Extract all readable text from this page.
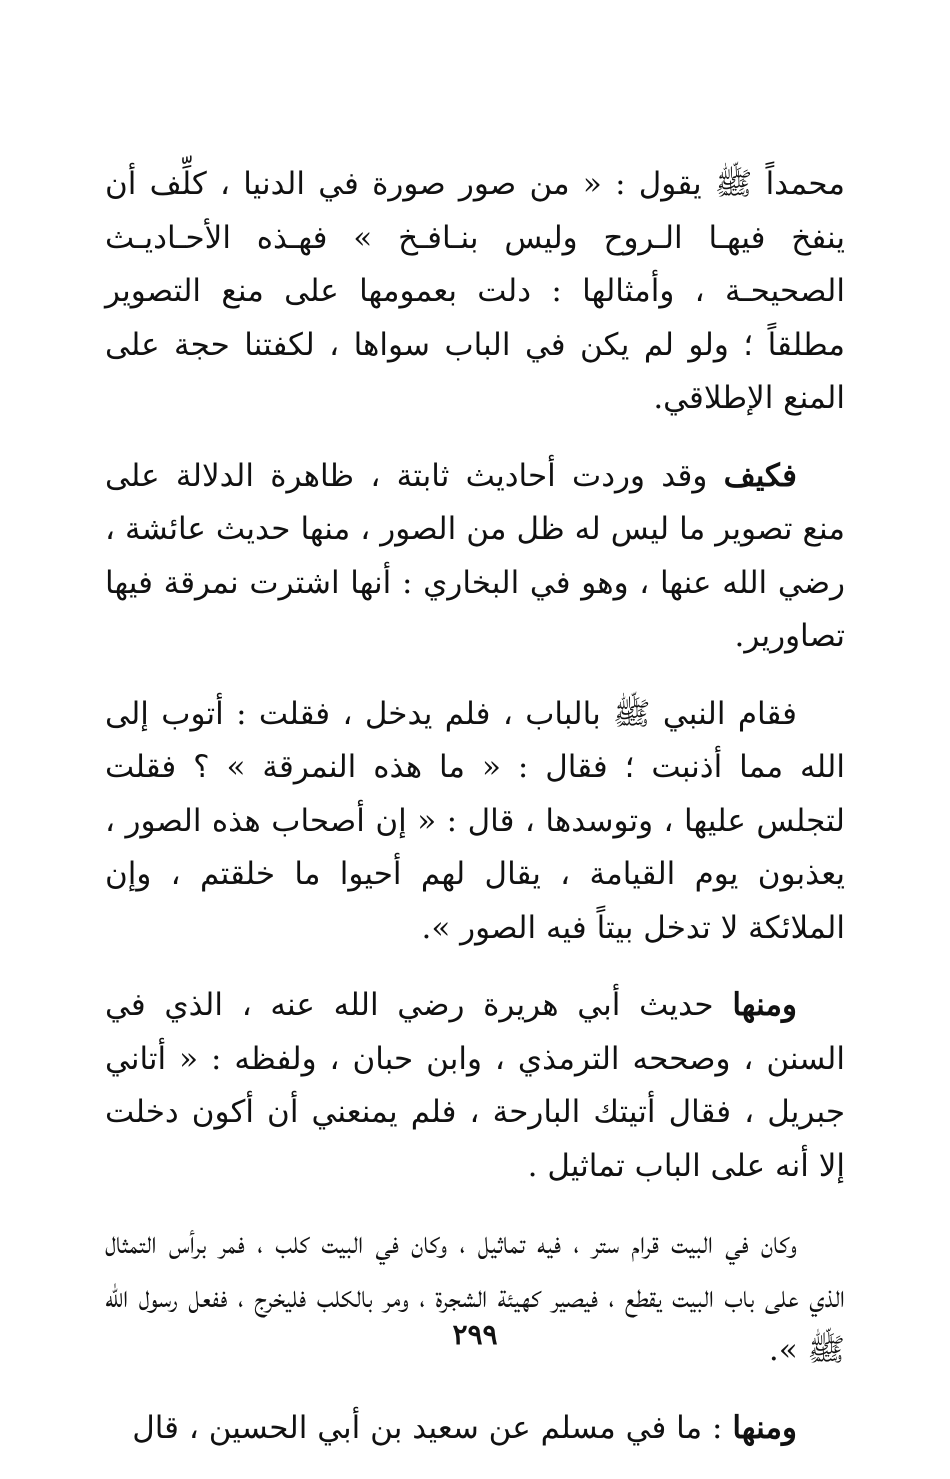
محمداً ﷺ يقول : « من صور صورة في الدنيا ، كلِّف أن ينفخ فيهـا الـروح وليس بنـافـخ » فهـذه الأحـاديـث الصحيحـة ، وأمثالها : دلت بعمومها على منع التصوير مطلقاً ؛ ولو لم يكن في الباب سواها ، لكفتنا حجة على المنع الإطلاقي.

فكيف وقد وردت أحاديث ثابتة ، ظاهرة الدلالة على منع تصوير ما ليس له ظل من الصور ، منها حديث عائشة ، رضي الله عنها ، وهو في البخاري : أنها اشترت نمرقة فيها تصاورير.

فقام النبي ﷺ بالباب ، فلم يدخل ، فقلت : أتوب إلى الله مما أذنبت ؛ فقال : « ما هذه النمرقة » ؟ فقلت لتجلس عليها ، وتوسدها ، قال : « إن أصحاب هذه الصور ، يعذبون يوم القيامة ، يقال لهم أحيوا ما خلقتم ، وإن الملائكة لا تدخل بيتاً فيه الصور ».

ومنها حديث أبي هريرة رضي الله عنه ، الذي في السنن ، وصححه الترمذي ، وابن حبان ، ولفظه : « أتاني جبريل ، فقال أتيتك البارحة ، فلم يمنعني أن أكون دخلت إلا أنه على الباب تماثيل .

وكان في البيت قرام ستر ، فيه تماثيل ، وكان في البيت كلب ، فمر برأس التمثال الذي على باب البيت يقطع ، فيصير كهيئة الشجرة ، ومر بالكلب فليخرج ، ففعل رسول الله ﷺ ».

ومنها : ما في مسلم عن سعيد بن أبي الحسين ، قال

٢٩٩
